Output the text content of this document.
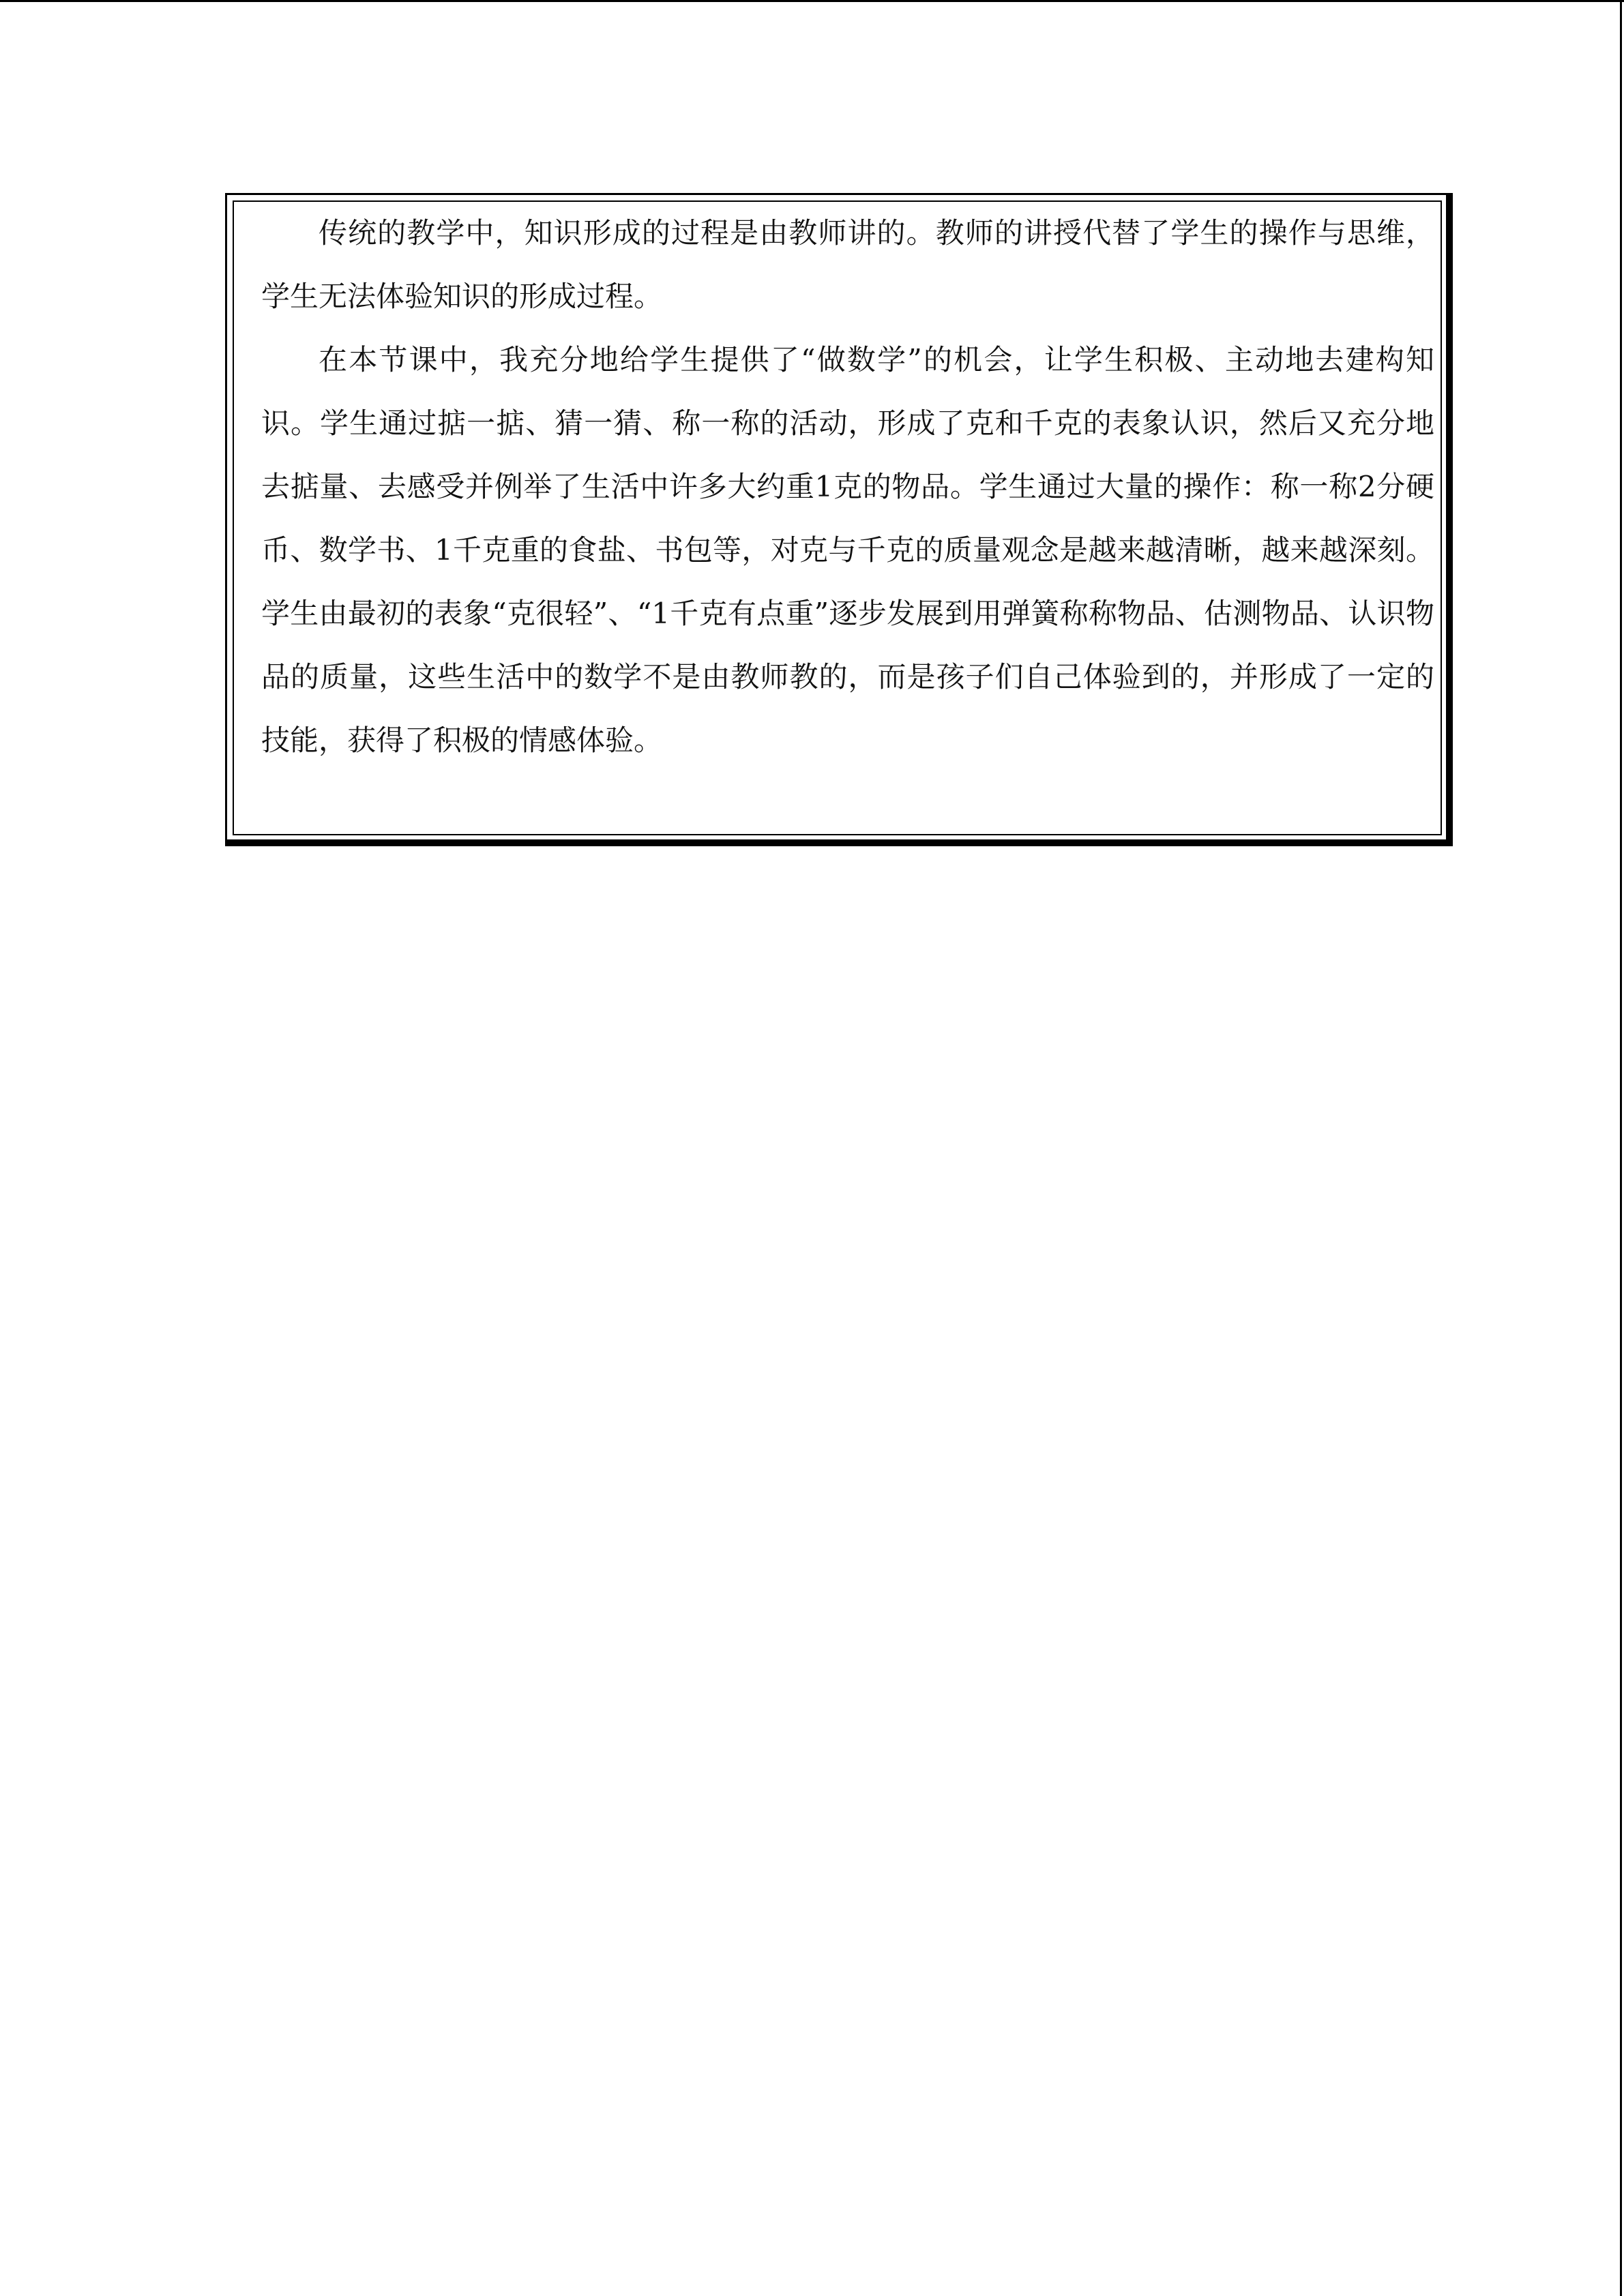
传统的教学中，知识形成的过程是由教师讲的。教师的讲授代替了学生的操作与思维，学生无法体验知识的形成过程。

在本节课中，我充分地给学生提供了“做数学”的机会，让学生积极、主动地去建构知识。学生通过掂一掂、猜一猜、称一称的活动，形成了克和千克的表象认识，然后又充分地去掂量、去感受并例举了生活中许多大约重1克的物品。学生通过大量的操作：称一称2分硬币、数学书、1千克重的食盐、书包等，对克与千克的质量观念是越来越清晰，越来越深刻。学生由最初的表象“克很轻”、“1千克有点重”逐步发展到用弹簧称称物品、估测物品、认识物品的质量，这些生活中的数学不是由教师教的，而是孩子们自己体验到的，并形成了一定的技能，获得了积极的情感体验。
